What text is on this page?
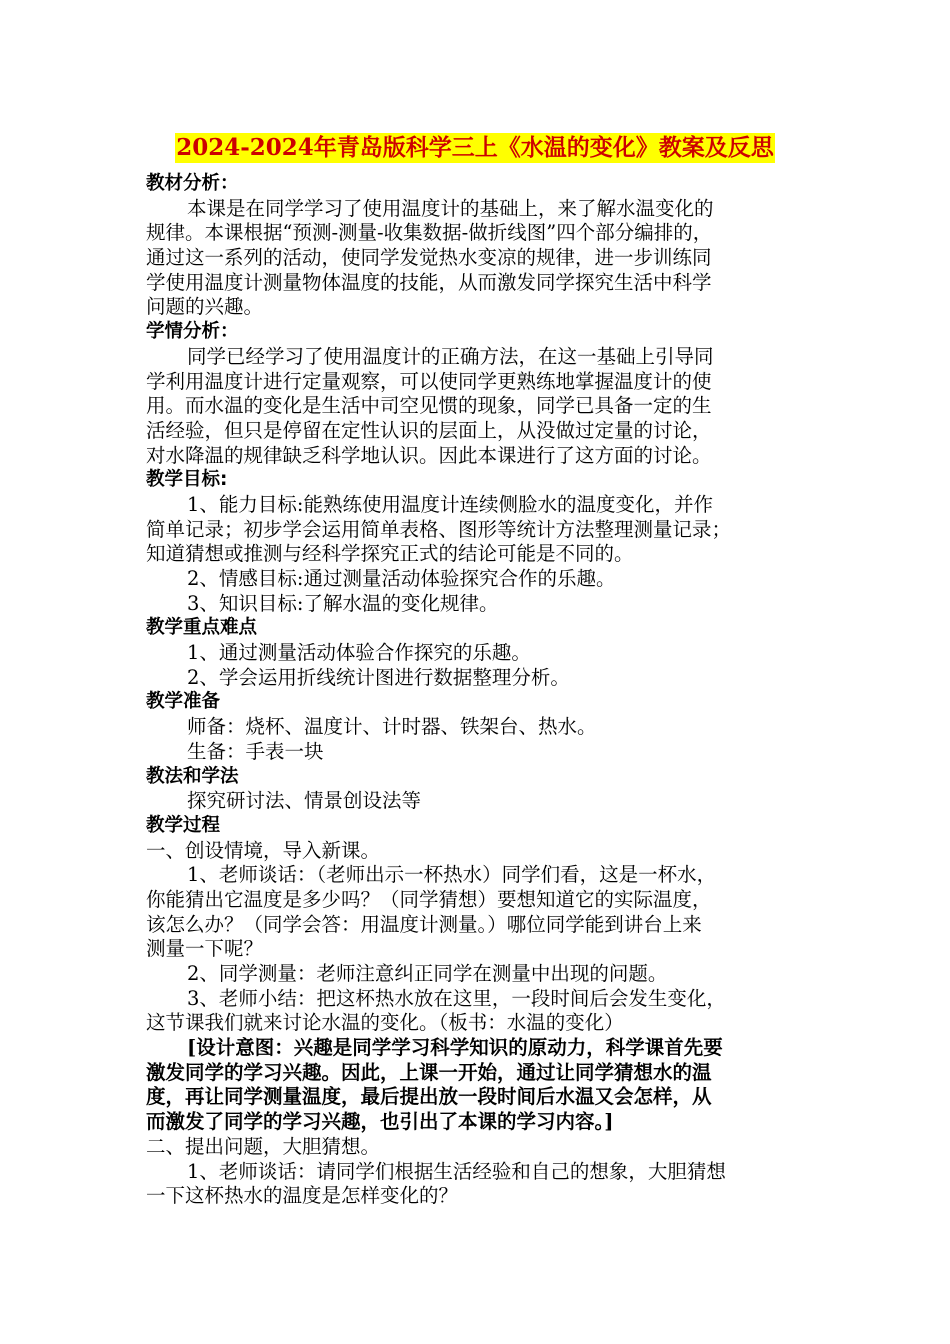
2024-2024年青岛版科学三上《水温的变化》教案及反思
教材分析：
本课是在同学学习了使用温度计的基础上，来了解水温变化的
规律。本课根据“预测-测量-收集数据-做折线图”四个部分编排的，
通过这一系列的活动，使同学发觉热水变凉的规律，进一步训练同
学使用温度计测量物体温度的技能，从而激发同学探究生活中科学
问题的兴趣。
学情分析：
同学已经学习了使用温度计的正确方法，在这一基础上引导同
学利用温度计进行定量观察，可以使同学更熟练地掌握温度计的使
用。而水温的变化是生活中司空见惯的现象，同学已具备一定的生
活经验，但只是停留在定性认识的层面上，从没做过定量的讨论，
对水降温的规律缺乏科学地认识。因此本课进行了这方面的讨论。
教学目标:
1、能力目标:能熟练使用温度计连续侧脸水的温度变化，并作
简单记录；初步学会运用简单表格、图形等统计方法整理测量记录；
知道猜想或推测与经科学探究正式的结论可能是不同的。
2、情感目标:通过测量活动体验探究合作的乐趣。
3、知识目标:了解水温的变化规律。
教学重点难点
1、通过测量活动体验合作探究的乐趣。
2、学会运用折线统计图进行数据整理分析。
教学准备
师备：烧杯、温度计、计时器、铁架台、热水。
生备：手表一块
教法和学法
探究研讨法、情景创设法等
教学过程
一、创设情境，导入新课。
1、老师谈话：（老师出示一杯热水）同学们看，这是一杯水，
你能猜出它温度是多少吗？（同学猜想）要想知道它的实际温度，
该怎么办？（同学会答：用温度计测量。）哪位同学能到讲台上来
测量一下呢？
2、同学测量：老师注意纠正同学在测量中出现的问题。
3、老师小结：把这杯热水放在这里，一段时间后会发生变化，
这节课我们就来讨论水温的变化。（板书：水温的变化）
[设计意图：兴趣是同学学习科学知识的原动力，科学课首先要
激发同学的学习兴趣。因此，上课一开始，通过让同学猜想水的温
度，再让同学测量温度，最后提出放一段时间后水温又会怎样，从
而激发了同学的学习兴趣，也引出了本课的学习内容。]
二、提出问题，大胆猜想。
1、老师谈话：请同学们根据生活经验和自己的想象，大胆猜想
一下这杯热水的温度是怎样变化的？
